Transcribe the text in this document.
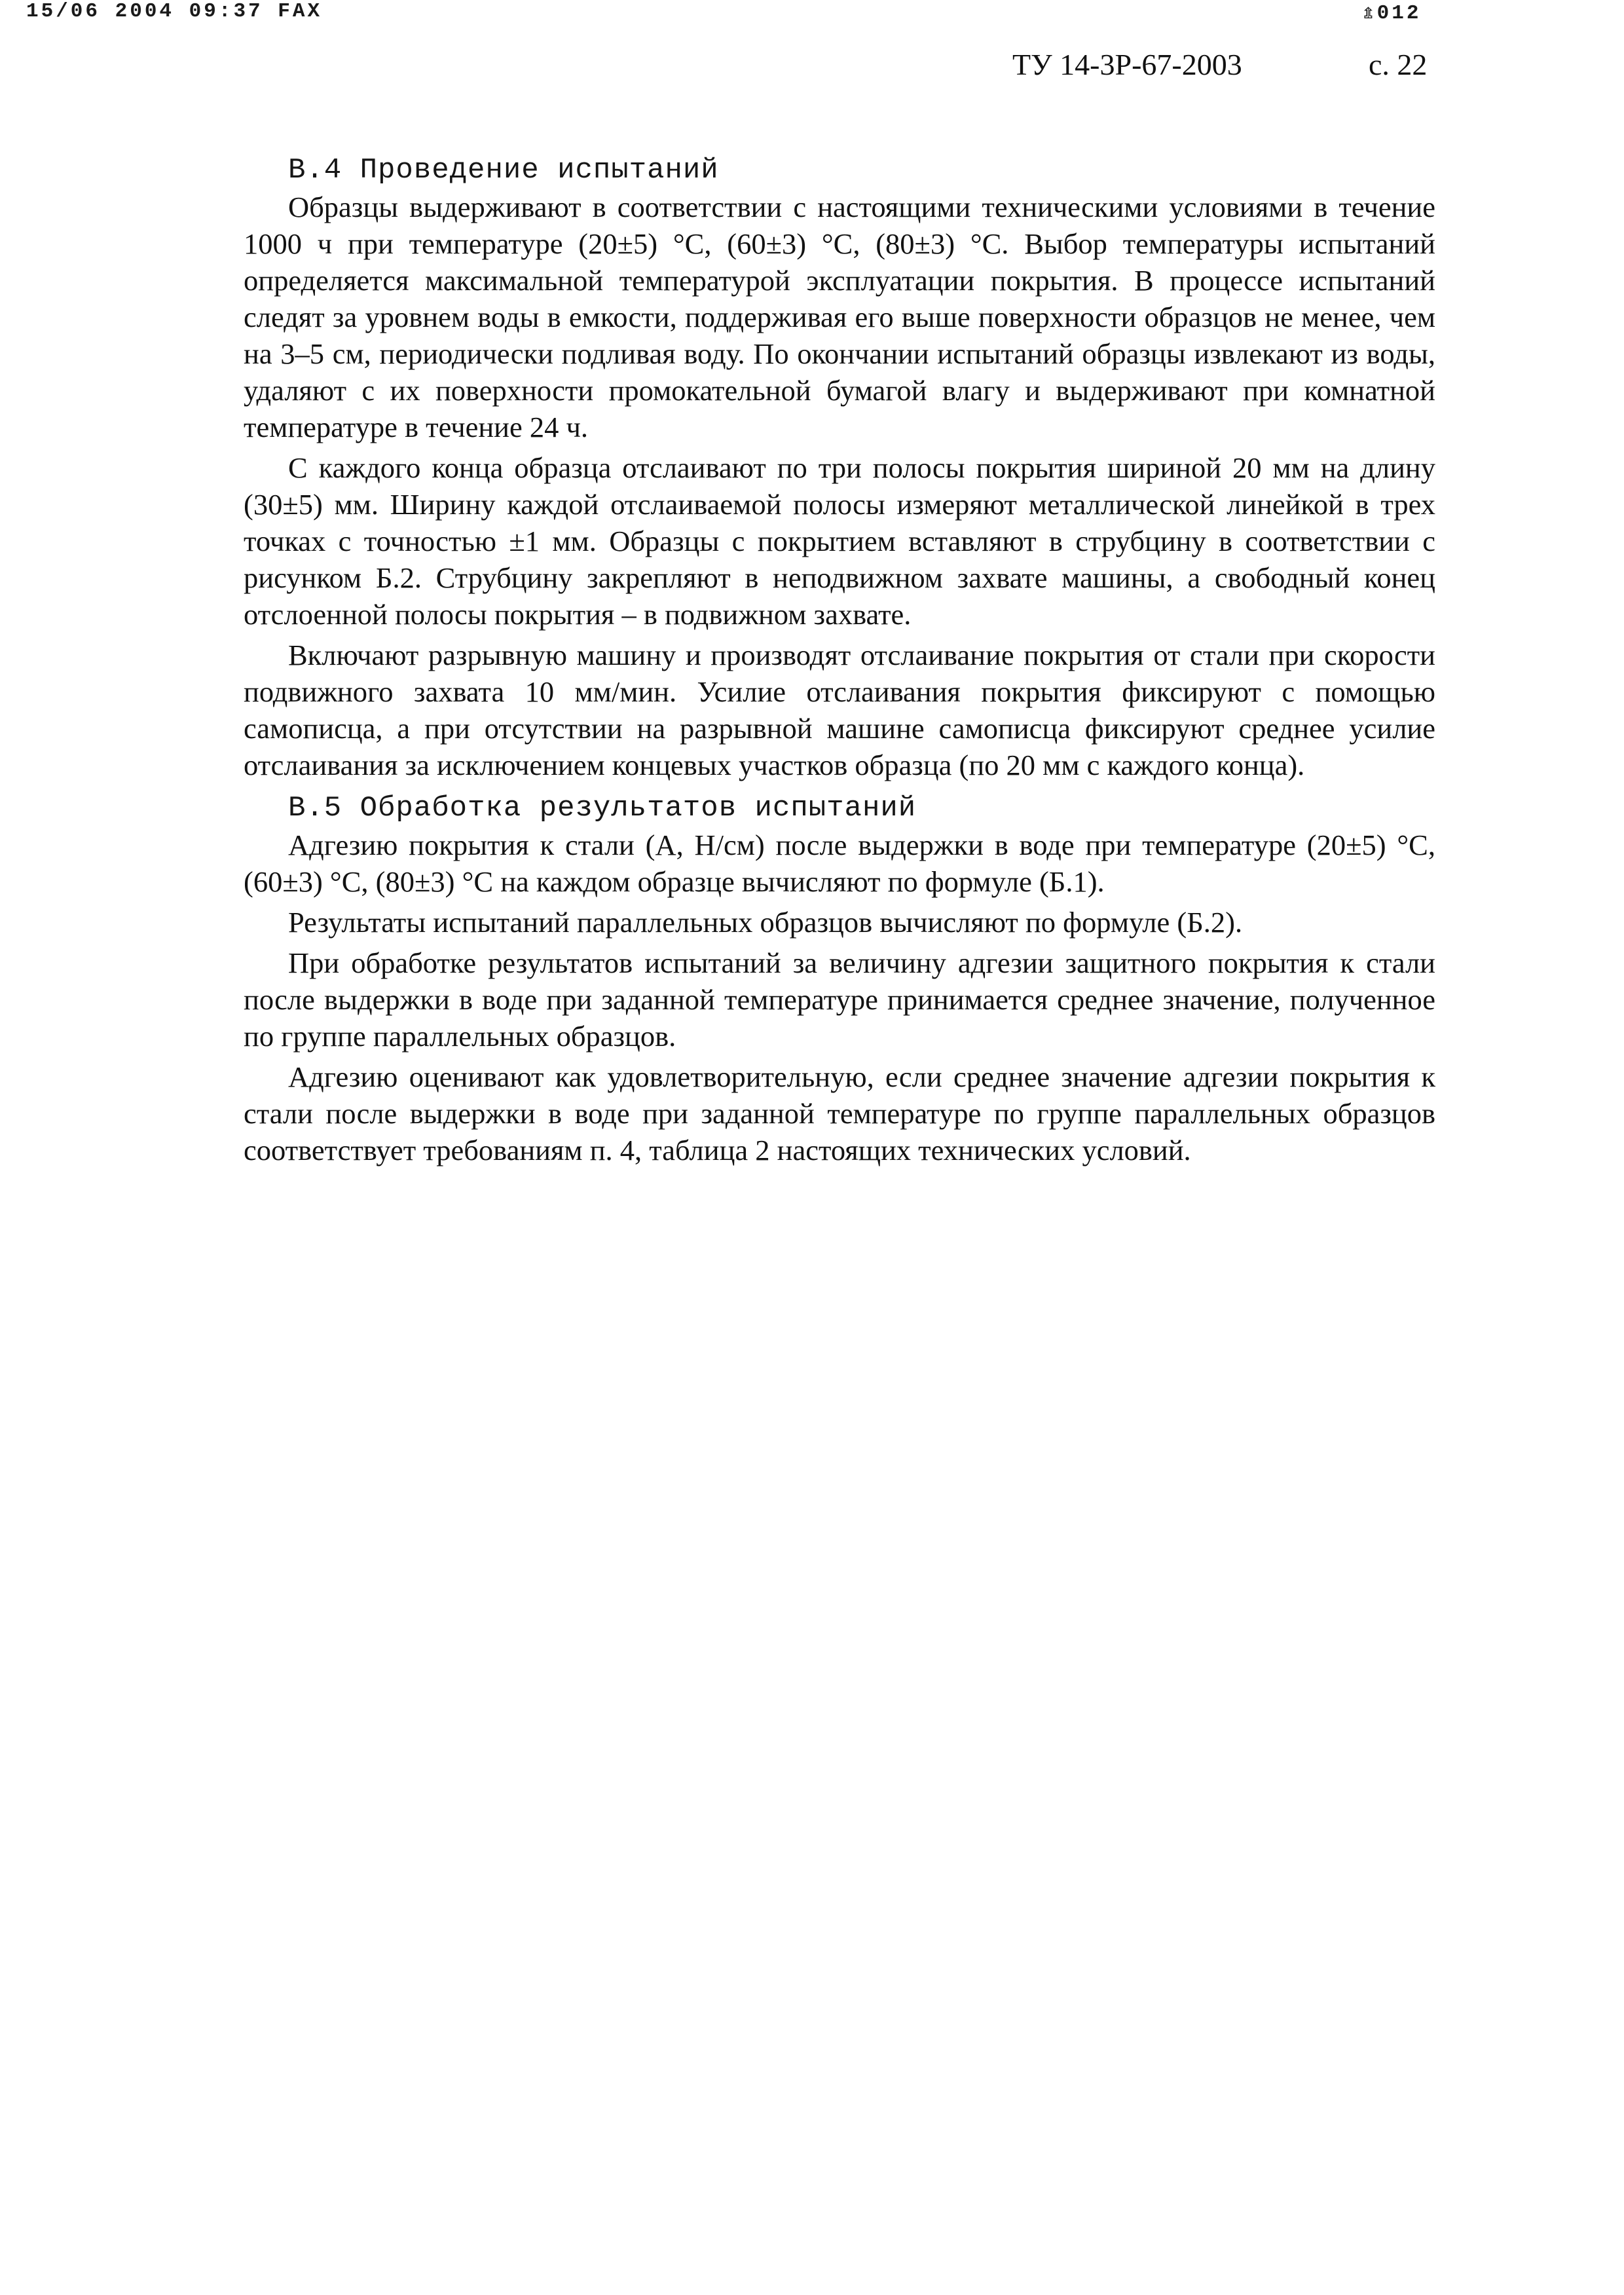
15/06 2004 09:37 FAX	⇭012
ТУ 14-3Р-67-2003	с. 22

В.4 Проведение испытаний

Образцы выдерживают в соответствии с настоящими техническими условиями в течение 1000 ч при температуре (20±5) °С, (60±3) °С, (80±3) °С. Выбор температуры испытаний определяется максимальной температурой эксплуатации покрытия. В процессе испытаний следят за уровнем воды в емкости, поддерживая его выше поверхности образцов не менее, чем на 3–5 см, периодически подливая воду. По окончании испытаний образцы извлекают из воды, удаляют с их поверхности промокательной бумагой влагу и выдерживают при комнатной температуре в течение 24 ч.

С каждого конца образца отслаивают по три полосы покрытия шириной 20 мм на длину (30±5) мм. Ширину каждой отслаиваемой полосы измеряют металлической линейкой в трех точках с точностью ±1 мм. Образцы с покрытием вставляют в струбцину в соответствии с рисунком Б.2. Струбцину закрепляют в неподвижном захвате машины, а свободный конец отслоенной полосы покрытия – в подвижном захвате.

Включают разрывную машину и производят отслаивание покрытия от стали при скорости подвижного захвата 10 мм/мин. Усилие отслаивания покрытия фиксируют с помощью самописца, а при отсутствии на разрывной машине самописца фиксируют среднее усилие отслаивания за исключением концевых участков образца (по 20 мм с каждого конца).

В.5 Обработка результатов испытаний

Адгезию покрытия к стали (А, Н/см) после выдержки в воде при температуре (20±5) °С, (60±3) °С, (80±3) °С на каждом образце вычисляют по формуле (Б.1).

Результаты испытаний параллельных образцов вычисляют по формуле (Б.2).

При обработке результатов испытаний за величину адгезии защитного покрытия к стали после выдержки в воде при заданной температуре принимается среднее значение, полученное по группе параллельных образцов.

Адгезию оценивают как удовлетворительную, если среднее значение адгезии покрытия к стали после выдержки в воде при заданной температуре по группе параллельных образцов соответствует требованиям п. 4, таблица 2 настоящих технических условий.
